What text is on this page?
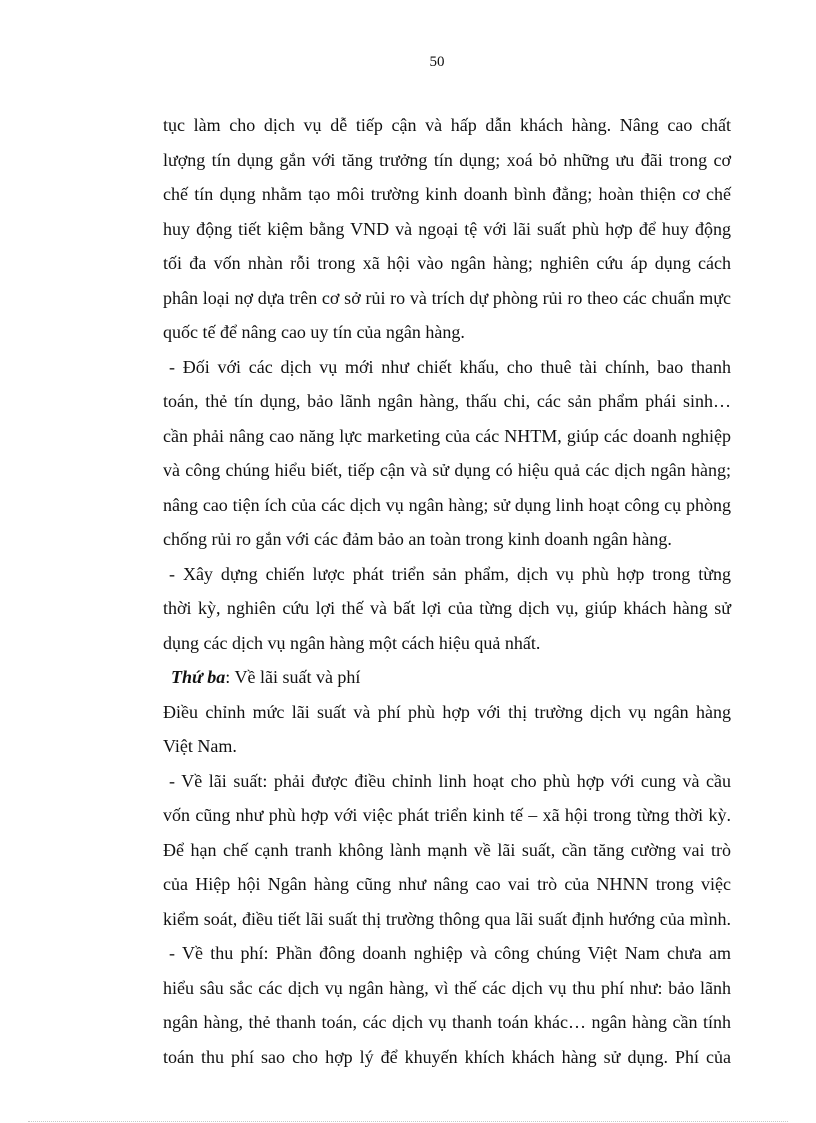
50
tục làm cho dịch vụ dễ tiếp cận và hấp dẫn khách hàng. Nâng cao chất
lượng tín dụng gắn với tăng trưởng tín dụng; xoá bỏ những ưu đãi trong cơ
chế tín dụng nhằm tạo môi trường kinh doanh bình đẳng; hoàn thiện cơ chế
huy động tiết kiệm bằng VND và ngoại tệ với lãi suất phù hợp để huy động
tối đa vốn nhàn rỗi trong xã hội vào ngân hàng; nghiên cứu áp dụng cách
phân loại nợ dựa trên cơ sở rủi ro và trích dự phòng rủi ro theo các chuẩn mực
quốc tế để nâng cao uy tín của ngân hàng.
- Đối với các dịch vụ mới như chiết khấu, cho thuê tài chính, bao thanh
toán, thẻ tín dụng, bảo lãnh ngân hàng, thấu chi, các sản phẩm phái sinh…
cần phải nâng cao năng lực marketing của các NHTM, giúp các doanh nghiệp
và công chúng hiểu biết, tiếp cận và sử dụng có hiệu quả các dịch ngân hàng;
nâng cao tiện ích của các dịch vụ ngân hàng; sử dụng linh hoạt công cụ phòng
chống rủi ro gắn với các đảm bảo an toàn trong kinh doanh ngân hàng.
- Xây dựng chiến lược phát triển sản phẩm, dịch vụ phù hợp trong từng
thời kỳ, nghiên cứu lợi thế và bất lợi của từng dịch vụ, giúp khách hàng sử
dụng các dịch vụ ngân hàng một cách hiệu quả nhất.
Thứ ba: Về lãi suất và phí
Điều chỉnh mức lãi suất và phí phù hợp với thị trường dịch vụ ngân hàng
Việt Nam.
- Về lãi suất: phải được điều chỉnh linh hoạt cho phù hợp với cung và cầu
vốn cũng như phù hợp với việc phát triển kinh tế – xã hội trong từng thời kỳ.
Để hạn chế cạnh tranh không lành mạnh về lãi suất, cần tăng cường vai trò
của Hiệp hội Ngân hàng cũng như nâng cao vai trò của NHNN trong việc
kiểm soát, điều tiết lãi suất thị trường thông qua lãi suất định hướng của mình.
- Về thu phí: Phần đông doanh nghiệp và công chúng Việt Nam chưa am
hiểu sâu sắc các dịch vụ ngân hàng, vì thế các dịch vụ thu phí như: bảo lãnh
ngân hàng, thẻ thanh toán, các dịch vụ thanh toán khác… ngân hàng cần tính
toán thu phí sao cho hợp lý để khuyến khích khách hàng sử dụng. Phí của
